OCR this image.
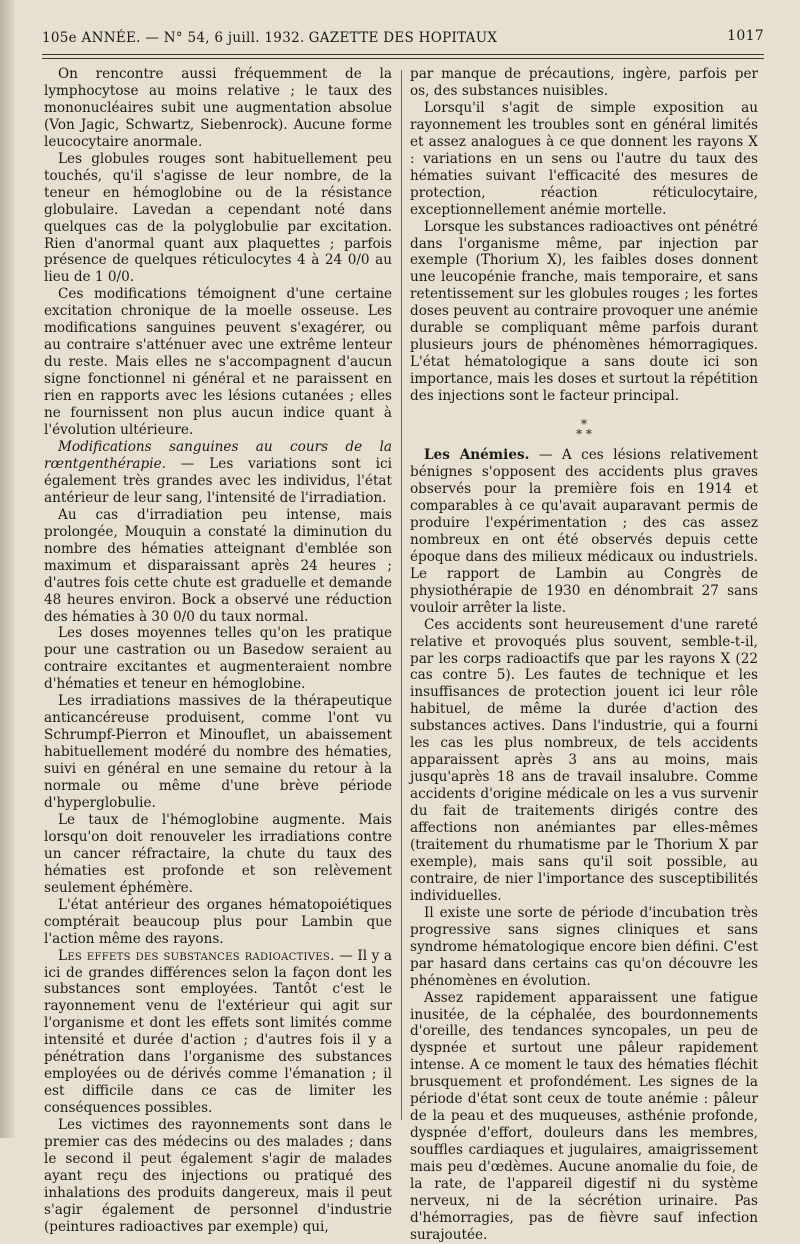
105e ANNÉE. — N° 54, 6 juill. 1932. GAZETTE DES HOPITAUX	1017

On rencontre aussi fréquemment de la lymphocytose au moins relative ; le taux des mononucléaires subit une augmentation absolue (Von Jagic, Schwartz, Siebenrock). Aucune forme leucocytaire anormale.

Les globules rouges sont habituellement peu touchés, qu'il s'agisse de leur nombre, de la teneur en hémoglobine ou de la résistance globulaire. Lavedan a cependant noté dans quelques cas de la polyglobulie par excitation. Rien d'anormal quant aux plaquettes ; parfois présence de quelques réticulocytes 4 à 24 0/0 au lieu de 1 0/0.

Ces modifications témoignent d'une certaine excitation chronique de la moelle osseuse. Les modifications sanguines peuvent s'exagérer, ou au contraire s'atténuer avec une extrême lenteur du reste. Mais elles ne s'accompagnent d'aucun signe fonctionnel ni général et ne paraissent en rien en rapports avec les lésions cutanées ; elles ne fournissent non plus aucun indice quant à l'évolution ultérieure.

Modifications sanguines au cours de la rœntgenthérapie. — Les variations sont ici également très grandes avec les individus, l'état antérieur de leur sang, l'intensité de l'irradiation.

Au cas d'irradiation peu intense, mais prolongée, Mouquin a constaté la diminution du nombre des hématies atteignant d'emblée son maximum et disparaissant après 24 heures ; d'autres fois cette chute est graduelle et demande 48 heures environ. Bock a observé une réduction des hématies à 30 0/0 du taux normal.

Les doses moyennes telles qu'on les pratique pour une castration ou un Basedow seraient au contraire excitantes et augmenteraient nombre d'hématies et teneur en hémoglobine.

Les irradiations massives de la thérapeutique anticancéreuse produisent, comme l'ont vu Schrumpf-Pierron et Minouflet, un abaissement habituellement modéré du nombre des hématies, suivi en général en une semaine du retour à la normale ou même d'une brève période d'hyperglobulie.

Le taux de l'hémoglobine augmente. Mais lorsqu'on doit renouveler les irradiations contre un cancer réfractaire, la chute du taux des hématies est profonde et son relèvement seulement éphémère.

L'état antérieur des organes hématopoiétiques comptérait beaucoup plus pour Lambin que l'action même des rayons.

Les effets des substances radioactives. — Il y a ici de grandes différences selon la façon dont les substances sont employées. Tantôt c'est le rayonnement venu de l'extérieur qui agit sur l'organisme et dont les effets sont limités comme intensité et durée d'action ; d'autres fois il y a pénétration dans l'organisme des substances employées ou de dérivés comme l'émanation ; il est difficile dans ce cas de limiter les conséquences possibles.

Les victimes des rayonnements sont dans le premier cas des médecins ou des malades ; dans le second il peut également s'agir de malades ayant reçu des injections ou pratiqué des inhalations des produits dangereux, mais il peut s'agir également de personnel d'industrie (peintures radioactives par exemple) qui,

par manque de précautions, ingère, parfois per os, des substances nuisibles.

Lorsqu'il s'agit de simple exposition au rayonnement les troubles sont en général limités et assez analogues à ce que donnent les rayons X : variations en un sens ou l'autre du taux des hématies suivant l'efficacité des mesures de protection, réaction réticulocytaire, exceptionnellement anémie mortelle.

Lorsque les substances radioactives ont pénétré dans l'organisme même, par injection par exemple (Thorium X), les faibles doses donnent une leucopénie franche, mais temporaire, et sans retentissement sur les globules rouges ; les fortes doses peuvent au contraire provoquer une anémie durable se compliquant même parfois durant plusieurs jours de phénomènes hémorragiques. L'état hématologique a sans doute ici son importance, mais les doses et surtout la répétition des injections sont le facteur principal.

*
* *

Les Anémies. — A ces lésions relativement bénignes s'opposent des accidents plus graves observés pour la première fois en 1914 et comparables à ce qu'avait auparavant permis de produire l'expérimentation ; des cas assez nombreux en ont été observés depuis cette époque dans des milieux médicaux ou industriels. Le rapport de Lambin au Congrès de physiothérapie de 1930 en dénombrait 27 sans vouloir arrêter la liste.

Ces accidents sont heureusement d'une rareté relative et provoqués plus souvent, semble-t-il, par les corps radioactifs que par les rayons X (22 cas contre 5). Les fautes de technique et les insuffisances de protection jouent ici leur rôle habituel, de même la durée d'action des substances actives. Dans l'industrie, qui a fourni les cas les plus nombreux, de tels accidents apparaissent après 3 ans au moins, mais jusqu'après 18 ans de travail insalubre. Comme accidents d'origine médicale on les a vus survenir du fait de traitements dirigés contre des affections non anémiantes par elles-mêmes (traitement du rhumatisme par le Thorium X par exemple), mais sans qu'il soit possible, au contraire, de nier l'importance des susceptibilités individuelles.

Il existe une sorte de période d'incubation très progressive sans signes cliniques et sans syndrome hématologique encore bien défini. C'est par hasard dans certains cas qu'on découvre les phénomènes en évolution.

Assez rapidement apparaissent une fatigue inusitée, de la céphalée, des bourdonnements d'oreille, des tendances syncopales, un peu de dyspnée et surtout une pâleur rapidement intense. A ce moment le taux des hématies fléchit brusquement et profondément. Les signes de la période d'état sont ceux de toute anémie : pâleur de la peau et des muqueuses, asthénie profonde, dyspnée d'effort, douleurs dans les membres, souffles cardiaques et jugulaires, amaigrissement mais peu d'œdèmes. Aucune anomalie du foie, de la rate, de l'appareil digestif ni du système nerveux, ni de la sécrétion urinaire. Pas d'hémorragies, pas de fièvre sauf infection surajoutée.
